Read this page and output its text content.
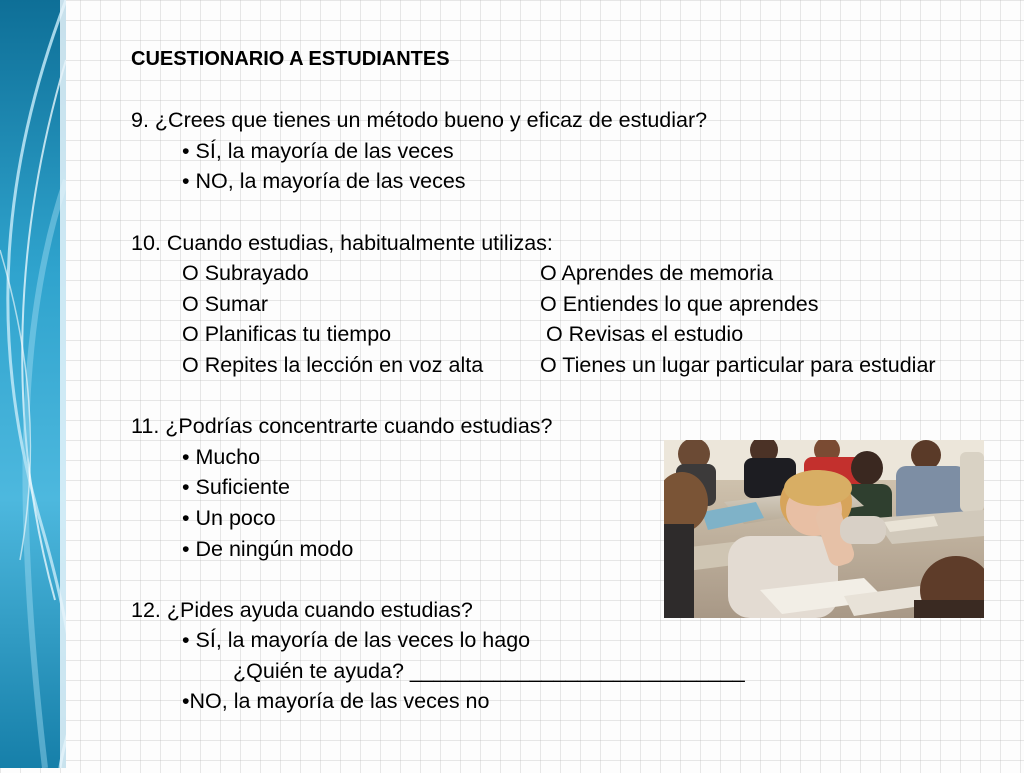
CUESTIONARIO A ESTUDIANTES
9. ¿Crees que tienes un método bueno y eficaz de estudiar?
• SÍ, la mayoría de las veces
• NO, la mayoría de las veces
10. Cuando estudias, habitualmente utilizas:
O Subrayado	O Aprendes de memoria
O Sumar	O Entiendes lo que aprendes
O Planificas tu tiempo	O Revisas el estudio
O Repites la lección en voz alta	O Tienes un lugar particular para estudiar
11. ¿Podrías concentrarte cuando estudias?
• Mucho
• Suficiente
• Un poco
• De ningún modo
12. ¿Pides ayuda cuando estudias?
• SÍ, la mayoría de las veces lo hago
¿Quién te ayuda? ____________________________
•NO, la mayoría de las veces no
